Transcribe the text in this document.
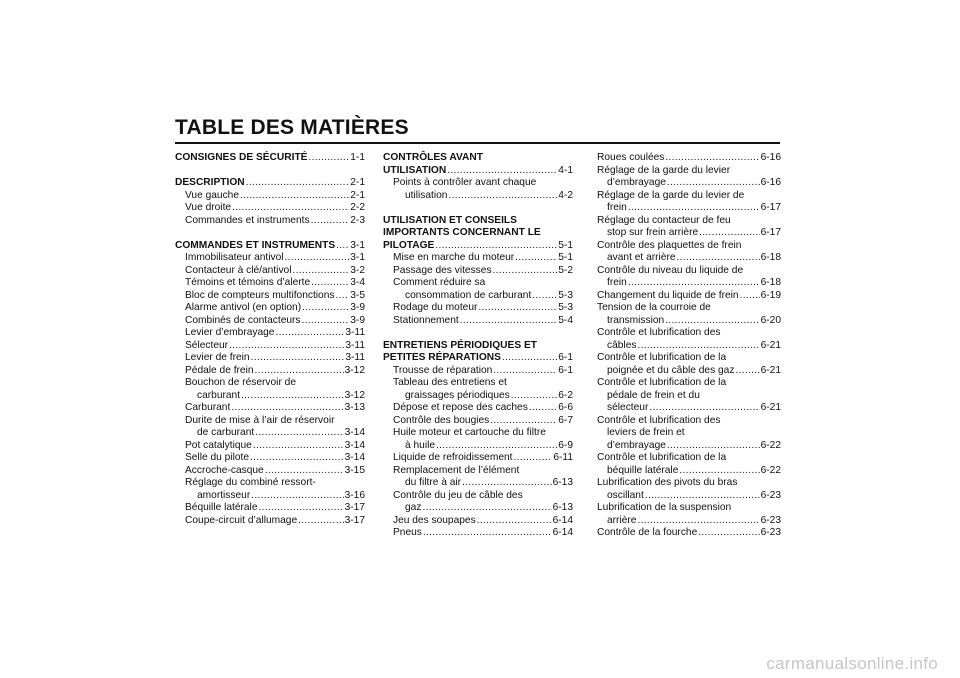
TABLE DES MATIÈRES
CONSIGNES DE SÉCURITÉ .....	1-1
DESCRIPTION .....	2-1
Vue gauche .....	2-1
Vue droite .....	2-2
Commandes et instruments .....	2-3
COMMANDES ET INSTRUMENTS ..... 3-1
Immobilisateur antivol .....	3-1
Contacteur à clé/antivol .....	3-2
Témoins et témoins d’alerte .....	3-4
Bloc de compteurs multifonctions ..... 3-5
Alarme antivol (en option) .....	3-9
Combinés de contacteurs .....	3-9
Levier d’embrayage .....	3-11
Sélecteur .....	3-11
Levier de frein .....	3-11
Pédale de frein .....	3-12
Bouchon de réservoir de
carburant .....	3-12
Carburant .....	3-13
Durite de mise à l’air de réservoir
de carburant .....	3-14
Pot catalytique .....	3-14
Selle du pilote .....	3-14
Accroche-casque .....	3-15
Réglage du combiné ressort-
amortisseur .....	3-16
Béquille latérale .....	3-17
Coupe-circuit d’allumage .....	3-17
CONTRÔLES AVANT
UTILISATION .....	4-1
Points à contrôler avant chaque
utilisation .....	4-2
UTILISATION ET CONSEILS
IMPORTANTS CONCERNANT LE
PILOTAGE .....	5-1
Mise en marche du moteur .....	5-1
Passage des vitesses .....	5-2
Comment réduire sa
consommation de carburant .....	5-3
Rodage du moteur .....	5-3
Stationnement .....	5-4
ENTRETIENS PÉRIODIQUES ET
PETITES RÉPARATIONS .....	6-1
Trousse de réparation .....	6-1
Tableau des entretiens et
graissages périodiques .....	6-2
Dépose et repose des caches .....	6-6
Contrôle des bougies .....	6-7
Huile moteur et cartouche du filtre
à huile .....	6-9
Liquide de refroidissement .....	6-11
Remplacement de l’élément
du filtre à air .....	6-13
Contrôle du jeu de câble des
gaz .....	6-13
Jeu des soupapes .....	6-14
Pneus .....	6-14
Roues coulées .....	6-16
Réglage de la garde du levier
d’embrayage .....	6-16
Réglage de la garde du levier de
frein .....	6-17
Réglage du contacteur de feu
stop sur frein arrière .....	6-17
Contrôle des plaquettes de frein
avant et arrière .....	6-18
Contrôle du niveau du liquide de
frein .....	6-18
Changement du liquide de frein ..... 6-19
Tension de la courroie de
transmission .....	6-20
Contrôle et lubrification des
câbles .....	6-21
Contrôle et lubrification de la
poignée et du câble des gaz .....	6-21
Contrôle et lubrification de la
pédale de frein et du
sélecteur .....	6-21
Contrôle et lubrification des
leviers de frein et
d’embrayage .....	6-22
Contrôle et lubrification de la
béquille latérale .....	6-22
Lubrification des pivots du bras
oscillant .....	6-23
Lubrification de la suspension
arrière .....	6-23
Contrôle de la fourche .....	6-23
carmanualsonline.info
